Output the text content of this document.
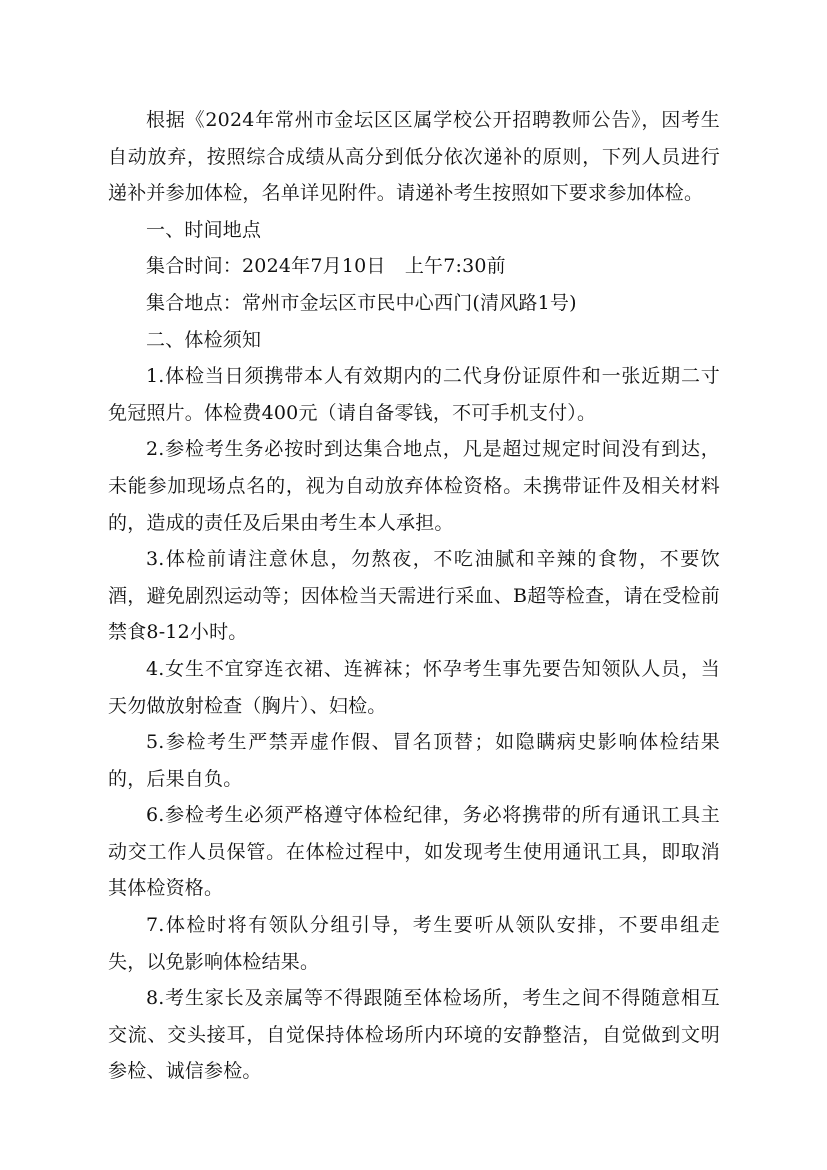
根据《2024年常州市金坛区区属学校公开招聘教师公告》，因考生自动放弃，按照综合成绩从高分到低分依次递补的原则，下列人员进行递补并参加体检，名单详见附件。请递补考生按照如下要求参加体检。

一、时间地点

集合时间：2024年7月10日　上午7:30前

集合地点：常州市金坛区市民中心西门(清风路1号)

二、体检须知

1.体检当日须携带本人有效期内的二代身份证原件和一张近期二寸免冠照片。体检费400元（请自备零钱，不可手机支付）。

2.参检考生务必按时到达集合地点，凡是超过规定时间没有到达，未能参加现场点名的，视为自动放弃体检资格。未携带证件及相关材料的，造成的责任及后果由考生本人承担。

3.体检前请注意休息，勿熬夜，不吃油腻和辛辣的食物，不要饮酒，避免剧烈运动等；因体检当天需进行采血、B超等检查，请在受检前禁食8-12小时。

4.女生不宜穿连衣裙、连裤袜；怀孕考生事先要告知领队人员，当天勿做放射检查（胸片）、妇检。

5.参检考生严禁弄虚作假、冒名顶替；如隐瞒病史影响体检结果的，后果自负。

6.参检考生必须严格遵守体检纪律，务必将携带的所有通讯工具主动交工作人员保管。在体检过程中，如发现考生使用通讯工具，即取消其体检资格。

7.体检时将有领队分组引导，考生要听从领队安排，不要串组走失，以免影响体检结果。

8.考生家长及亲属等不得跟随至体检场所，考生之间不得随意相互交流、交头接耳，自觉保持体检场所内环境的安静整洁，自觉做到文明参检、诚信参检。
